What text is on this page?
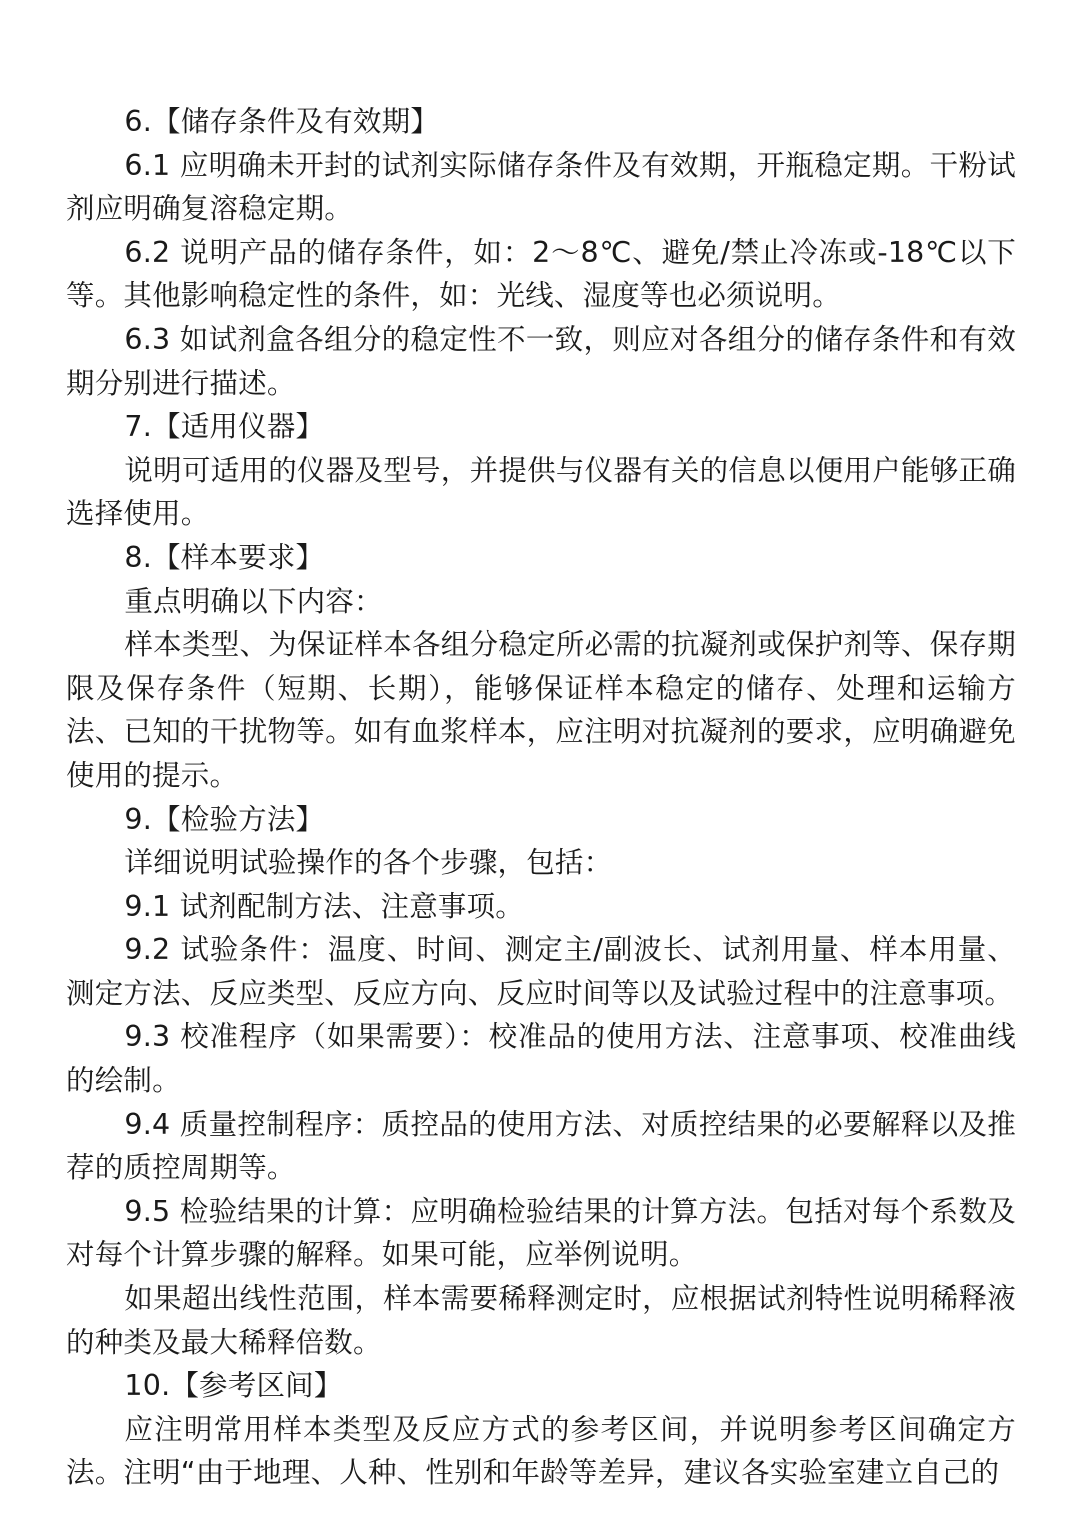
6.【储存条件及有效期】

6.1 应明确未开封的试剂实际储存条件及有效期，开瓶稳定期。干粉试剂应明确复溶稳定期。

6.2 说明产品的储存条件，如：2～8℃、避免/禁止冷冻或-18℃以下等。其他影响稳定性的条件，如：光线、湿度等也必须说明。

6.3 如试剂盒各组分的稳定性不一致，则应对各组分的储存条件和有效期分别进行描述。

7.【适用仪器】

说明可适用的仪器及型号，并提供与仪器有关的信息以便用户能够正确选择使用。

8.【样本要求】

重点明确以下内容：

样本类型、为保证样本各组分稳定所必需的抗凝剂或保护剂等、保存期限及保存条件（短期、长期），能够保证样本稳定的储存、处理和运输方法、已知的干扰物等。如有血浆样本，应注明对抗凝剂的要求，应明确避免使用的提示。

9.【检验方法】

详细说明试验操作的各个步骤，包括：

9.1 试剂配制方法、注意事项。

9.2 试验条件：温度、时间、测定主/副波长、试剂用量、样本用量、测定方法、反应类型、反应方向、反应时间等以及试验过程中的注意事项。

9.3 校准程序（如果需要）：校准品的使用方法、注意事项、校准曲线的绘制。

9.4 质量控制程序：质控品的使用方法、对质控结果的必要解释以及推荐的质控周期等。

9.5 检验结果的计算：应明确检验结果的计算方法。包括对每个系数及对每个计算步骤的解释。如果可能，应举例说明。

如果超出线性范围，样本需要稀释测定时，应根据试剂特性说明稀释液的种类及最大稀释倍数。

10.【参考区间】

应注明常用样本类型及反应方式的参考区间，并说明参考区间确定方法。注明“由于地理、人种、性别和年龄等差异，建议各实验室建立自己的
